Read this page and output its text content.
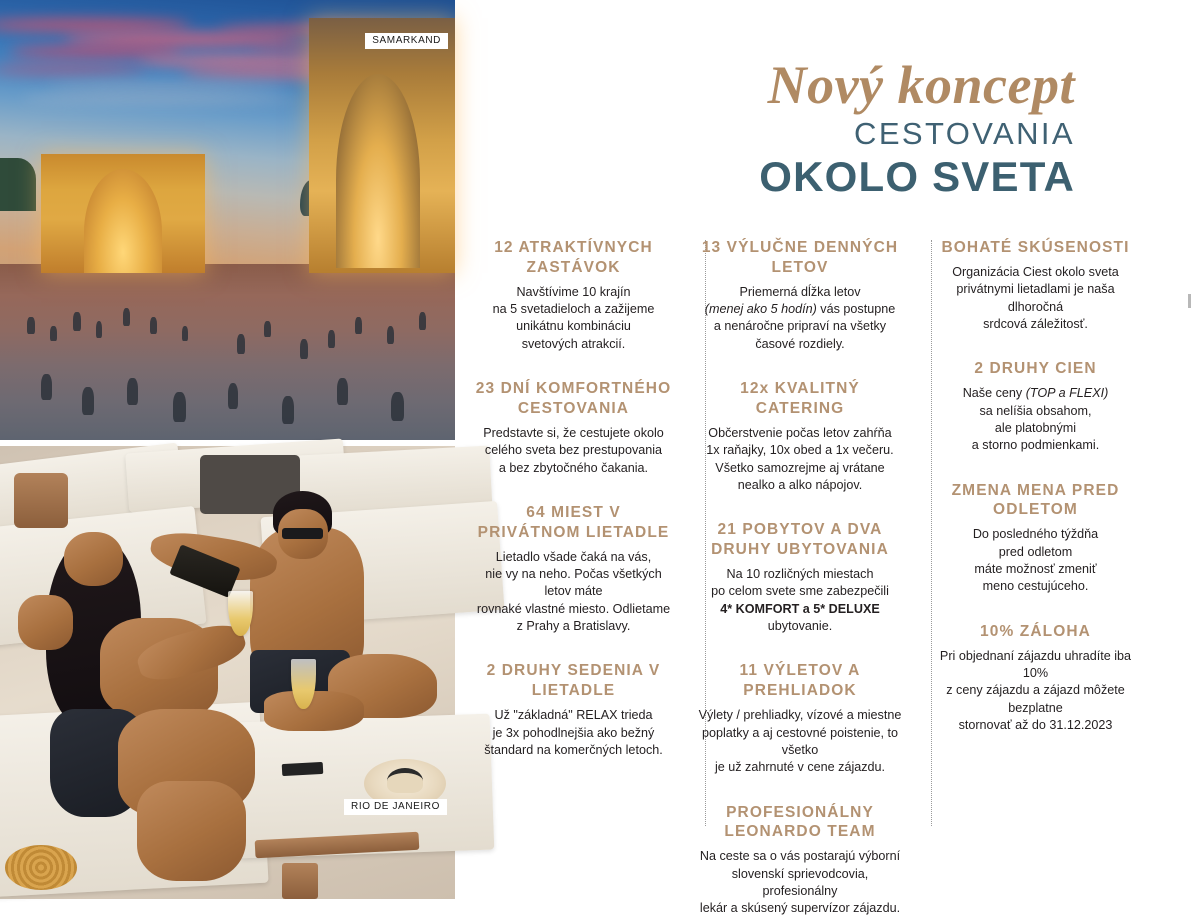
SAMARKAND
RIO DE JANEIRO
Nový koncept
CESTOVANIA
OKOLO SVETA
12 ATRAKTÍVNYCH ZASTÁVOK
Navštívime 10 krajín
na 5 svetadieloch a zažijeme
unikátnu kombináciu
svetových atrakcií.
23 DNÍ KOMFORTNÉHO CESTOVANIA
Predstavte si, že cestujete okolo
celého sveta bez prestupovania
a bez zbytočného čakania.
64 MIEST V PRIVÁTNOM LIETADLE
Lietadlo všade čaká na vás,
nie vy na neho. Počas všetkých letov máte
rovnaké vlastné miesto. Odlietame
z Prahy a Bratislavy.
2 DRUHY SEDENIA V LIETADLE
Už "základná" RELAX trieda
je 3x pohodlnejšia ako bežný
štandard na komerčných letoch.
13 VÝLUČNE DENNÝCH LETOV
Priemerná dĺžka letov
(menej ako 5 hodín) vás postupne
a nenáročne pripraví na všetky
časové rozdiely.
12x KVALITNÝ CATERING
Občerstvenie počas letov zahŕňa
1x raňajky, 10x obed a 1x večeru.
Všetko samozrejme aj vrátane
nealko a alko nápojov.
21 POBYTOV A DVA DRUHY UBYTOVANIA
Na 10 rozličných miestach
po celom svete sme zabezpečili
4* KOMFORT a 5* DELUXE
ubytovanie.
11 VÝLETOV A PREHLIADOK
Výlety / prehliadky, vízové a miestne
poplatky a aj cestovné poistenie, to všetko
je už zahrnuté v cene zájazdu.
PROFESIONÁLNY LEONARDO TEAM
Na ceste sa o vás postarajú výborní
slovenskí sprievodcovia, profesionálny
lekár a skúsený supervízor zájazdu.
BOHATÉ SKÚSENOSTI
Organizácia Ciest okolo sveta
privátnymi lietadlami je naša dlhoročná
srdcová záležitosť.
2 DRUHY CIEN
Naše ceny (TOP a FLEXI)
sa nelíšia obsahom,
ale platobnými
a storno podmienkami.
ZMENA MENA PRED ODLETOM
Do posledného týždňa
pred odletom
máte možnosť zmeniť
meno cestujúceho.
10% ZÁLOHA
Pri objednaní zájazdu uhradíte iba 10%
z ceny zájazdu a zájazd môžete bezplatne
stornovať až do 31.12.2023
